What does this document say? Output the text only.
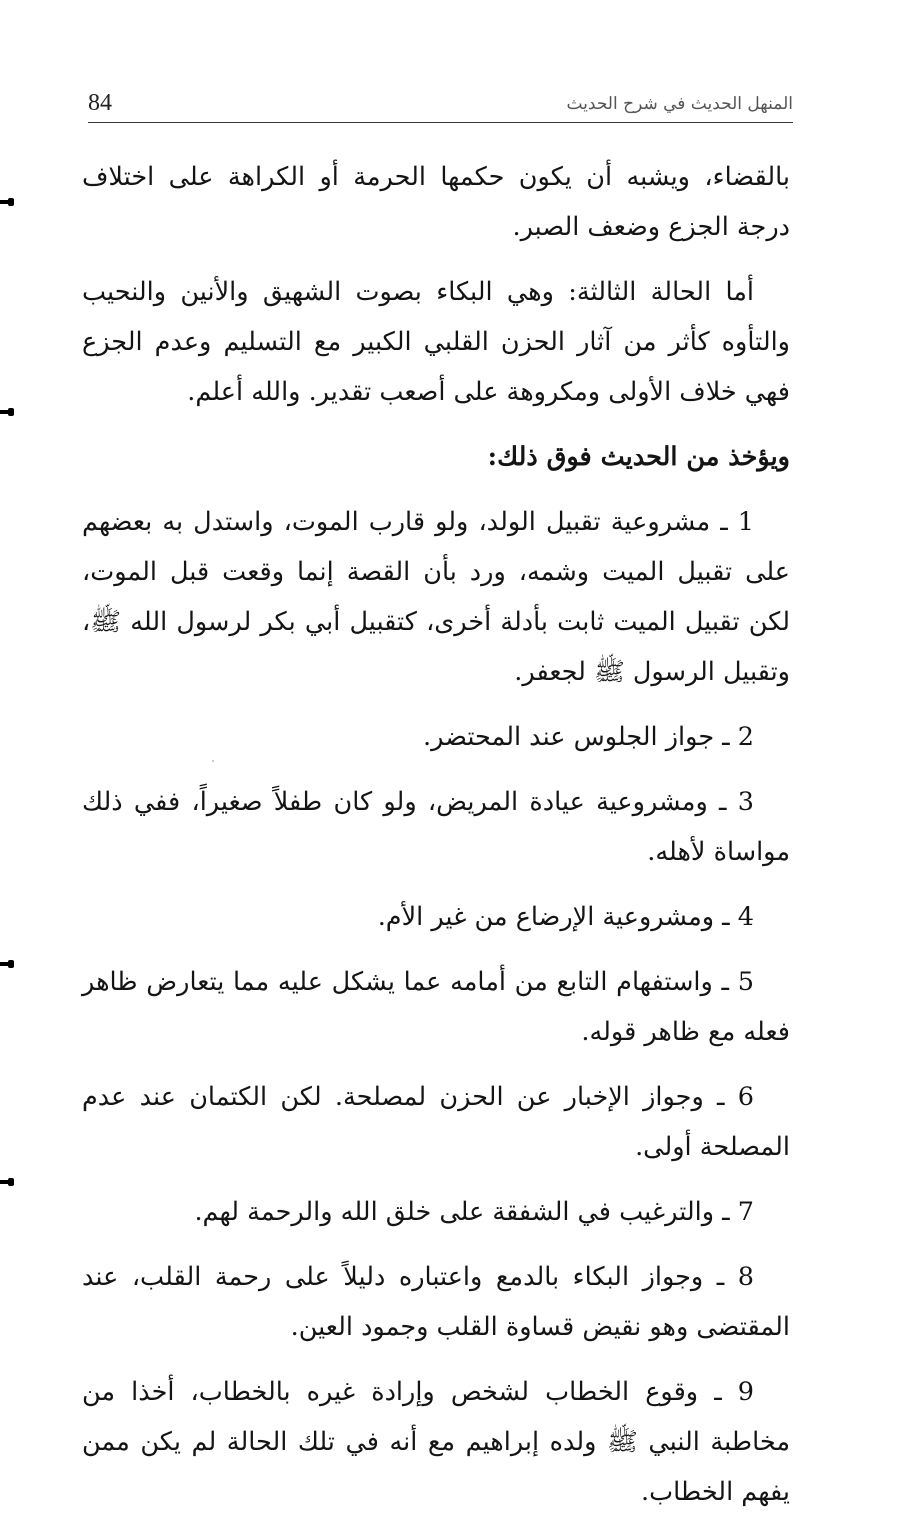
84	المنهل الحديث في شرح الحديث

بالقضاء، ويشبه أن يكون حكمها الحرمة أو الكراهة على اختلاف درجة الجزع وضعف الصبر.

أما الحالة الثالثة: وهي البكاء بصوت الشهيق والأنين والنحيب والتأوه كأثر من آثار الحزن القلبي الكبير مع التسليم وعدم الجزع فهي خلاف الأولى ومكروهة على أصعب تقدير. والله أعلم.

ويؤخذ من الحديث فوق ذلك:

1 ـ مشروعية تقبيل الولد، ولو قارب الموت، واستدل به بعضهم على تقبيل الميت وشمه، ورد بأن القصة إنما وقعت قبل الموت، لكن تقبيل الميت ثابت بأدلة أخرى، كتقبيل أبي بكر لرسول الله ﷺ، وتقبيل الرسول ﷺ لجعفر.

2 ـ جواز الجلوس عند المحتضر.

3 ـ ومشروعية عيادة المريض، ولو كان طفلاً صغيراً، ففي ذلك مواساة لأهله.

4 ـ ومشروعية الإرضاع من غير الأم.

5 ـ واستفهام التابع من أمامه عما يشكل عليه مما يتعارض ظاهر فعله مع ظاهر قوله.

6 ـ وجواز الإخبار عن الحزن لمصلحة. لكن الكتمان عند عدم المصلحة أولى.

7 ـ والترغيب في الشفقة على خلق الله والرحمة لهم.

8 ـ وجواز البكاء بالدمع واعتباره دليلاً على رحمة القلب، عند المقتضى وهو نقيض قساوة القلب وجمود العين.

9 ـ وقوع الخطاب لشخص وإرادة غيره بالخطاب، أخذا من مخاطبة النبي ﷺ ولده إبراهيم مع أنه في تلك الحالة لم يكن ممن يفهم الخطاب.
